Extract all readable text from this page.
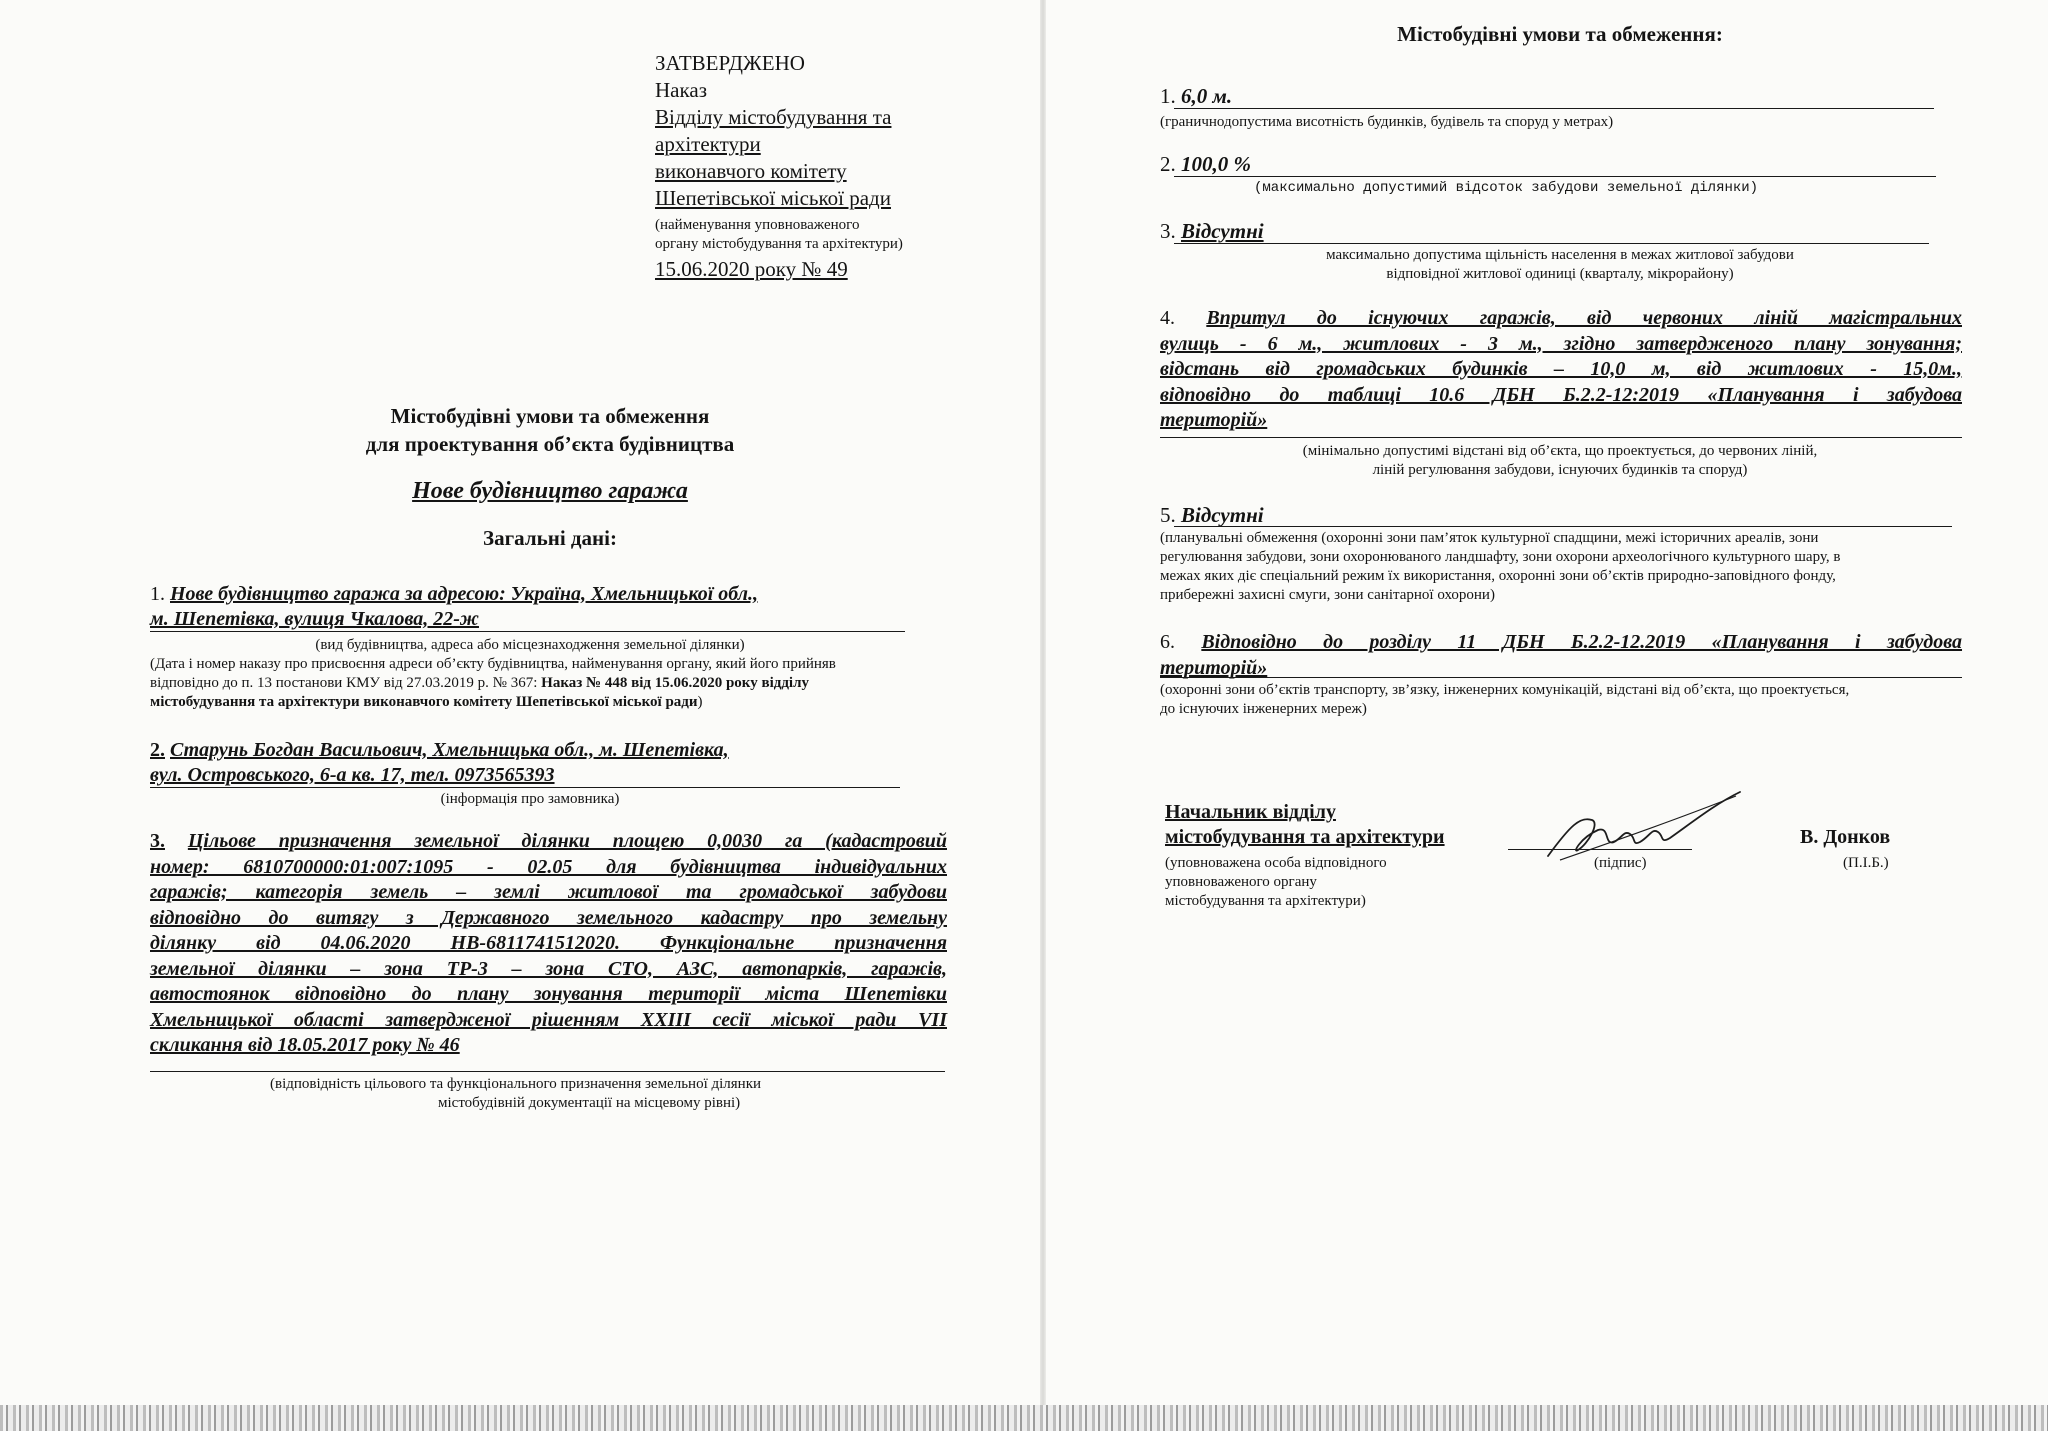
ЗАТВЕРДЖЕНО
Наказ
Відділу містобудування та
архітектури
виконавчого комітету
Шепетівської міської ради
(найменування уповноваженого
органу містобудування та архітектури)
15.06.2020 року № 49
Містобудівні умови та обмеження
для проектування об’єкта будівництва
Нове будівництво гаража
Загальні дані:
1. Нове будівництво гаража за адресою: Україна, Хмельницької обл.,
м. Шепетівка, вулиця Чкалова, 22-ж
(вид будівництва, адреса або місцезнаходження земельної ділянки)
(Дата і номер наказу про присвоєння адреси об’єкту будівництва, найменування органу, який його прийняв
відповідно до п. 13 постанови КМУ від 27.03.2019 р. № 367: Наказ № 448 від 15.06.2020 року відділу
містобудування та архітектури виконавчого комітету Шепетівської міської ради)
2. Старунь Богдан Васильович, Хмельницька обл., м. Шепетівка,
вул. Островського, 6-а кв. 17, тел. 0973565393
(інформація про замовника)
3. Цільове призначення земельної ділянки площею 0,0030 га (кадастровий
номер: 6810700000:01:007:1095 - 02.05 для будівництва індивідуальних
гаражів; категорія земель – землі житлової та громадської забудови
відповідно до витягу з Державного земельного кадастру про земельну
ділянку від 04.06.2020 НВ-6811741512020. Функціональне призначення
земельної ділянки – зона ТР-3 – зона СТО, АЗС, автопарків, гаражів,
автостоянок відповідно до плану зонування території міста Шепетівки
Хмельницької області затвердженої рішенням XXIII сесії міської ради VII
скликання від 18.05.2017 року № 46
(відповідність цільового та функціонального призначення земельної ділянки
містобудівній документації на місцевому рівні)
Містобудівні умови та обмеження:
1. 6,0 м.
(граничнодопустима висотність будинків, будівель та споруд у метрах)
2. 100,0 %
(максимально допустимий відсоток забудови земельної ділянки)
3. Відсутні
максимально допустима щільність населення в межах житлової забудови
відповідної житлової одиниці (кварталу, мікрорайону)
4. Впритул до існуючих гаражів, від червоних ліній магістральних
вулиць - 6 м., житлових - 3 м., згідно затвердженого плану зонування;
відстань від громадських будинків – 10,0 м, від житлових - 15,0м.,
відповідно до таблиці 10.6 ДБН Б.2.2-12:2019 «Планування і забудова
територій»
(мінімально допустимі відстані від об’єкта, що проектується, до червоних ліній,
ліній регулювання забудови, існуючих будинків та споруд)
5. Відсутні
(планувальні обмеження (охоронні зони пам’яток культурної спадщини, межі історичних ареалів, зони
регулювання забудови, зони охоронюваного ландшафту, зони охорони археологічного культурного шару, в
межах яких діє спеціальний режим їх використання, охоронні зони об’єктів природно-заповідного фонду,
прибережні захисні смуги, зони санітарної охорони)
6. Відповідно до розділу 11 ДБН Б.2.2-12.2019 «Планування і забудова
територій»
(охоронні зони об’єктів транспорту, зв’язку, інженерних комунікацій, відстані від об’єкта, що проектується,
до існуючих інженерних мереж)
Начальник відділу
містобудування та архітектури	В. Донков
(уповноважена особа відповідного
уповноваженого органу
містобудування та архітектури)
(підпис)	(П.І.Б.)
